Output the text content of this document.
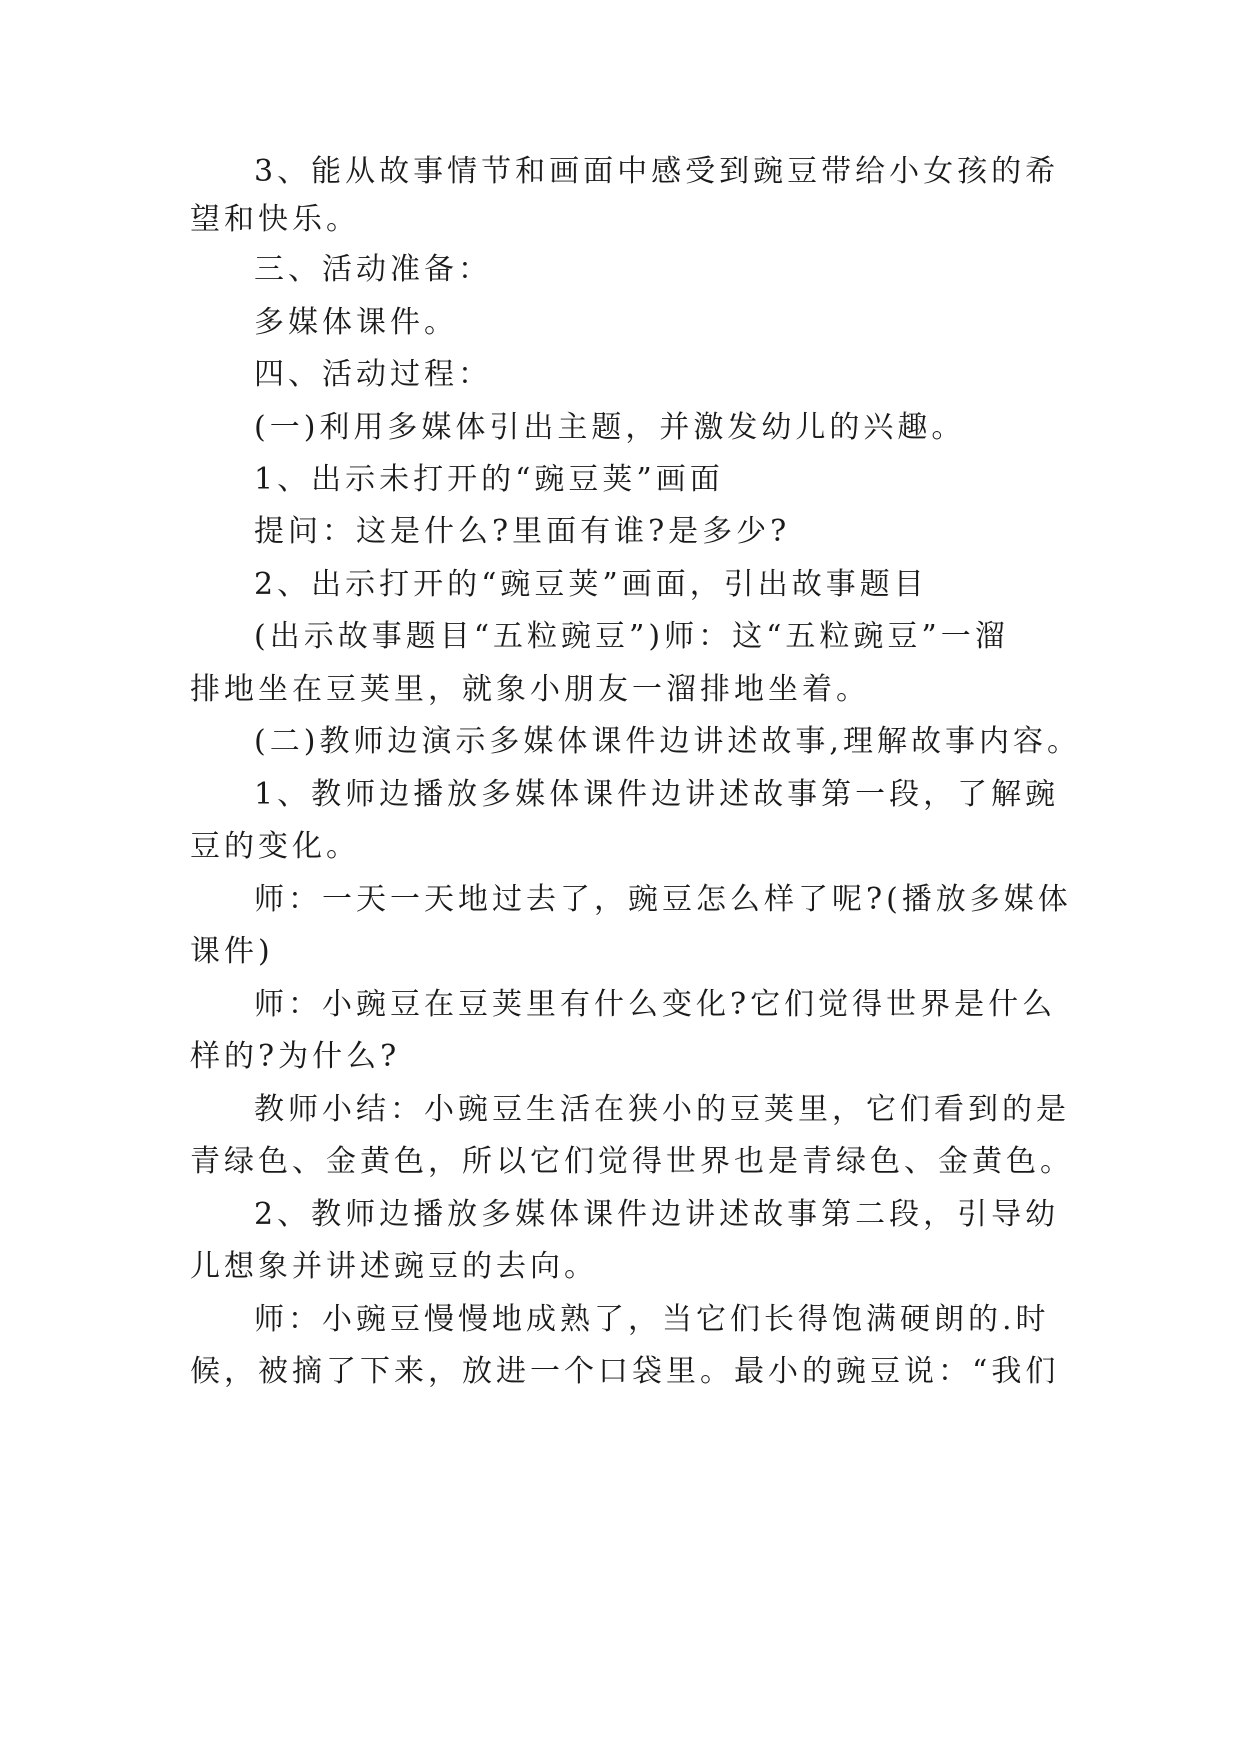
3、能从故事情节和画面中感受到豌豆带给小女孩的希
望和快乐。
三、活动准备：
多媒体课件。
四、活动过程：
(一)利用多媒体引出主题，并激发幼儿的兴趣。
1、出示未打开的“豌豆荚”画面
提问：这是什么?里面有谁?是多少?
2、出示打开的“豌豆荚”画面，引出故事题目
(出示故事题目“五粒豌豆”)师：这“五粒豌豆”一溜
排地坐在豆荚里，就象小朋友一溜排地坐着。
(二)教师边演示多媒体课件边讲述故事,理解故事内容。
1、教师边播放多媒体课件边讲述故事第一段，了解豌
豆的变化。
师：一天一天地过去了，豌豆怎么样了呢?(播放多媒体
课件)
师：小豌豆在豆荚里有什么变化?它们觉得世界是什么
样的?为什么?
教师小结：小豌豆生活在狭小的豆荚里，它们看到的是
青绿色、金黄色，所以它们觉得世界也是青绿色、金黄色。
2、教师边播放多媒体课件边讲述故事第二段，引导幼
儿想象并讲述豌豆的去向。
师：小豌豆慢慢地成熟了，当它们长得饱满硬朗的.时
候，被摘了下来，放进一个口袋里。最小的豌豆说：“我们
